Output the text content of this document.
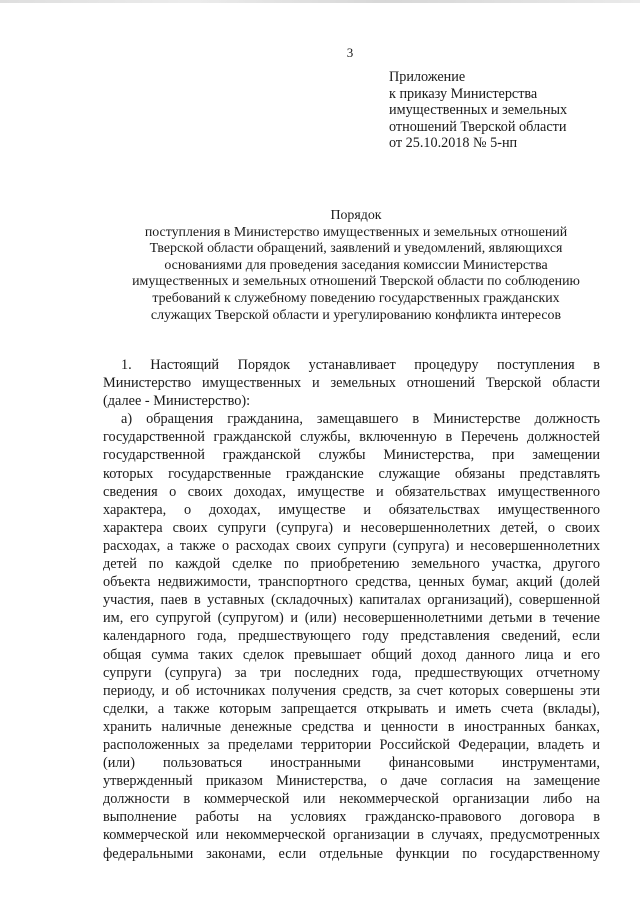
3
Приложение
к приказу Министерства
имущественных и земельных
отношений Тверской области
от 25.10.2018 № 5-нп
Порядок
поступления в Министерство имущественных и земельных отношений
Тверской области обращений, заявлений и уведомлений, являющихся
основаниями для проведения заседания комиссии Министерства
имущественных и земельных отношений Тверской области по соблюдению
требований к служебному поведению государственных гражданских
служащих Тверской области и урегулированию конфликта интересов
1. Настоящий Порядок устанавливает процедуру поступления в
Министерство имущественных и земельных отношений Тверской области
(далее - Министерство):
а) обращения гражданина, замещавшего в Министерстве должность
государственной гражданской службы, включенную в Перечень должностей
государственной гражданской службы Министерства, при замещении
которых государственные гражданские служащие обязаны представлять
сведения о своих доходах, имуществе и обязательствах имущественного
характера, о доходах, имуществе и обязательствах имущественного
характера своих супруги (супруга) и несовершеннолетних детей, о своих
расходах, а также о расходах своих супруги (супруга) и несовершеннолетних
детей по каждой сделке по приобретению земельного участка, другого
объекта недвижимости, транспортного средства, ценных бумаг, акций (долей
участия, паев в уставных (складочных) капиталах организаций), совершенной
им, его супругой (супругом) и (или) несовершеннолетними детьми в течение
календарного года, предшествующего году представления сведений, если
общая сумма таких сделок превышает общий доход данного лица и его
супруги (супруга) за три последних года, предшествующих отчетному
периоду, и об источниках получения средств, за счет которых совершены эти
сделки, а также которым запрещается открывать и иметь счета (вклады),
хранить наличные денежные средства и ценности в иностранных банках,
расположенных за пределами территории Российской Федерации, владеть и
(или) пользоваться иностранными финансовыми инструментами,
утвержденный приказом Министерства, о даче согласия на замещение
должности в коммерческой или некоммерческой организации либо на
выполнение работы на условиях гражданско-правового договора в
коммерческой или некоммерческой организации в случаях, предусмотренных
федеральными законами, если отдельные функции по государственному
